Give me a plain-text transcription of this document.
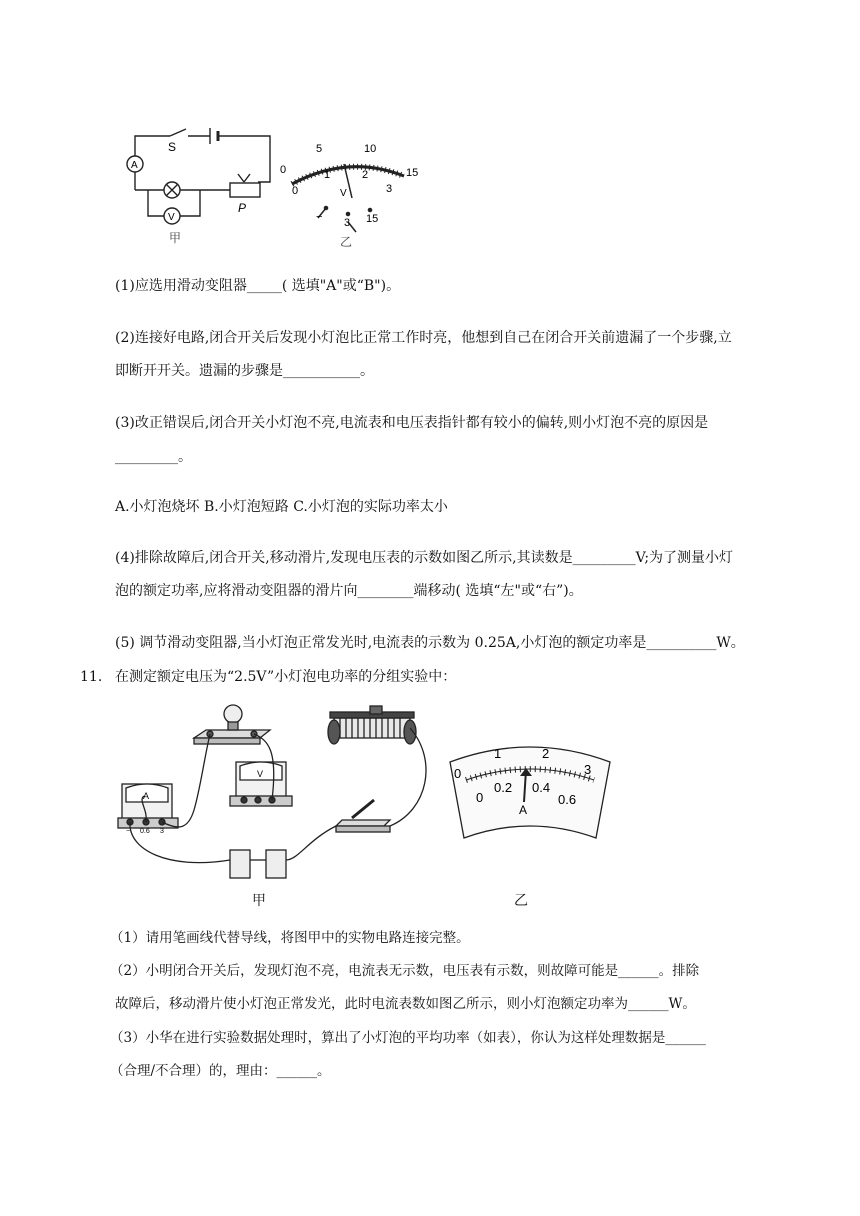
A
V
S
P
甲
0
5	10
15
0
1	2
3
V
− 3 15
乙
(1)应选用滑动变阻器_____( 选填"A"或“B")。
(2)连接好电路,闭合开关后发现小灯泡比正常工作时亮，他想到自己在闭合开关前遗漏了一个步骤,立
即断开开关。遗漏的步骤是___________。
(3)改正错误后,闭合开关小灯泡不亮,电流表和电压表指针都有较小的偏转,则小灯泡不亮的原因是
_________。
A.小灯泡烧坏 B.小灯泡短路 C.小灯泡的实际功率太小
(4)排除故障后,闭合开关,移动滑片,发现电压表的示数如图乙所示,其读数是_________V;为了测量小灯
泡的额定功率,应将滑动变阻器的滑片向________端移动( 选填“左"或“右”)。
(5) 调节滑动变阻器,当小灯泡正常发光时,电流表的示数为 0.25A,小灯泡的额定功率是__________W。
11. 在测定额定电压为“2.5V”小灯泡电功率的分组实验中：
A
V
− 0.6 3
甲
0
1	2
3
0
0.2 0.4
0.6
A
乙
（1）请用笔画线代替导线，将图甲中的实物电路连接完整。
（2）小明闭合开关后，发现灯泡不亮，电流表无示数，电压表有示数，则故障可能是______。排除
故障后，移动滑片使小灯泡正常发光，此时电流表数如图乙所示，则小灯泡额定功率为______W。
（3）小华在进行实验数据处理时，算出了小灯泡的平均功率（如表），你认为这样处理数据是______
（合理/不合理）的，理由：______。
